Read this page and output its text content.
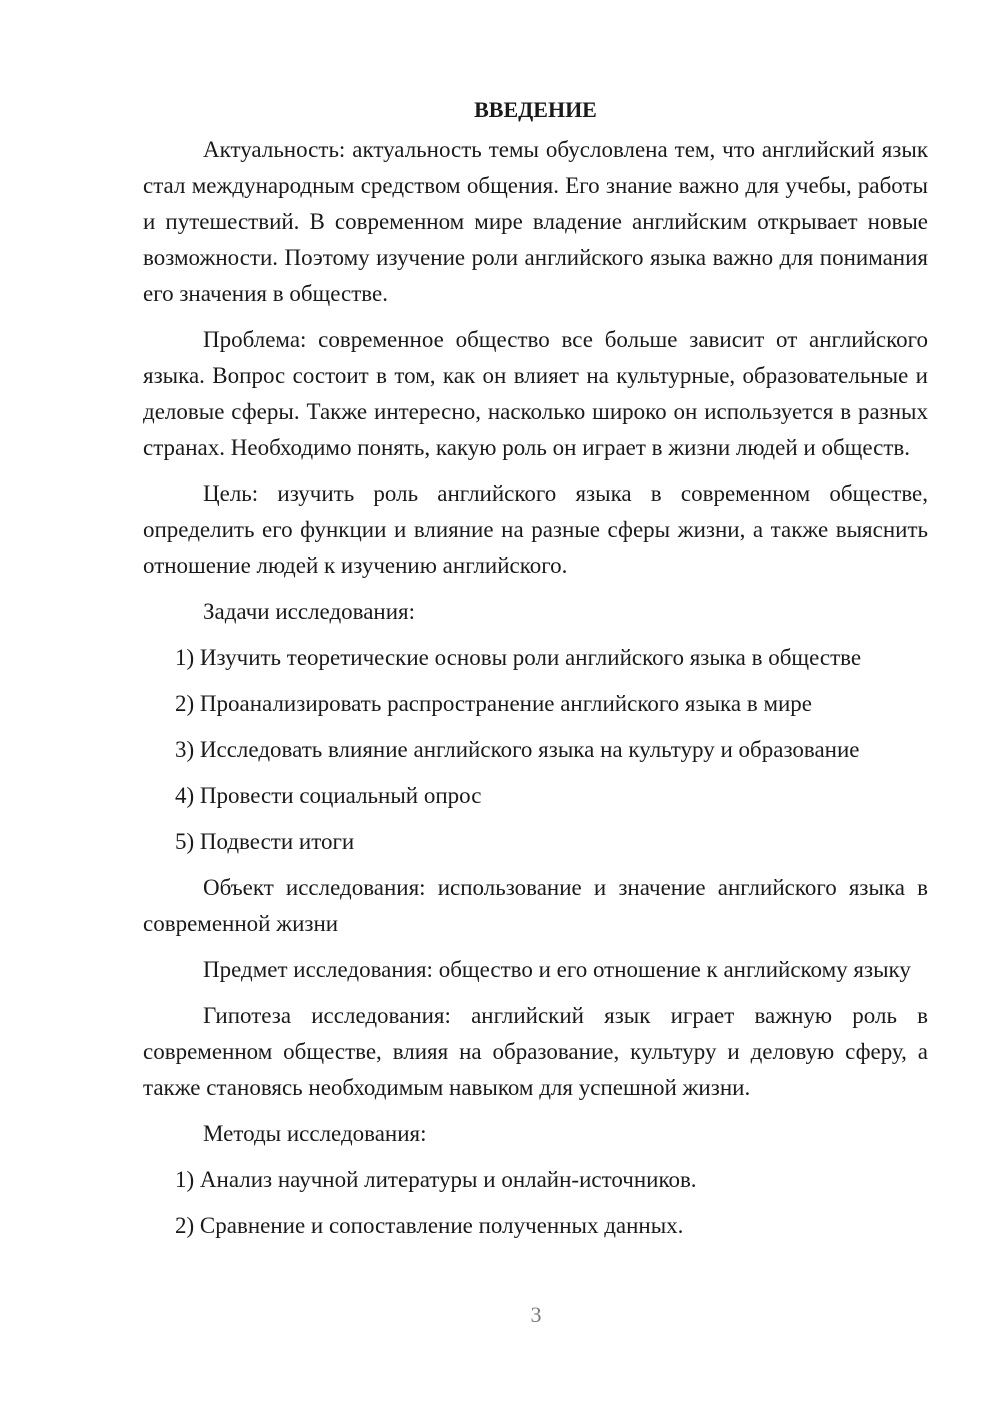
ВВЕДЕНИЕ

Актуальность: актуальность темы обусловлена тем, что английский язык стал международным средством общения. Его знание важно для учебы, работы и путешествий. В современном мире владение английским открывает новые возможности. Поэтому изучение роли английского языка важно для понимания его значения в обществе.

Проблема: современное общество все больше зависит от английского языка. Вопрос состоит в том, как он влияет на культурные, образовательные и деловые сферы. Также интересно, насколько широко он используется в разных странах. Необходимо понять, какую роль он играет в жизни людей и обществ.

Цель: изучить роль английского языка в современном обществе, определить его функции и влияние на разные сферы жизни, а также выяснить отношение людей к изучению английского.

Задачи исследования:

1) Изучить теоретические основы роли английского языка в обществе
2) Проанализировать распространение английского языка в мире
3) Исследовать влияние английского языка на культуру и образование
4) Провести социальный опрос
5) Подвести итоги

Объект исследования: использование и значение английского языка в современной жизни

Предмет исследования: общество и его отношение к английскому языку

Гипотеза исследования: английский язык играет важную роль в современном обществе, влияя на образование, культуру и деловую сферу, а также становясь необходимым навыком для успешной жизни.

Методы исследования:

1) Анализ научной литературы и онлайн-источников.
2) Сравнение и сопоставление полученных данных.
3
